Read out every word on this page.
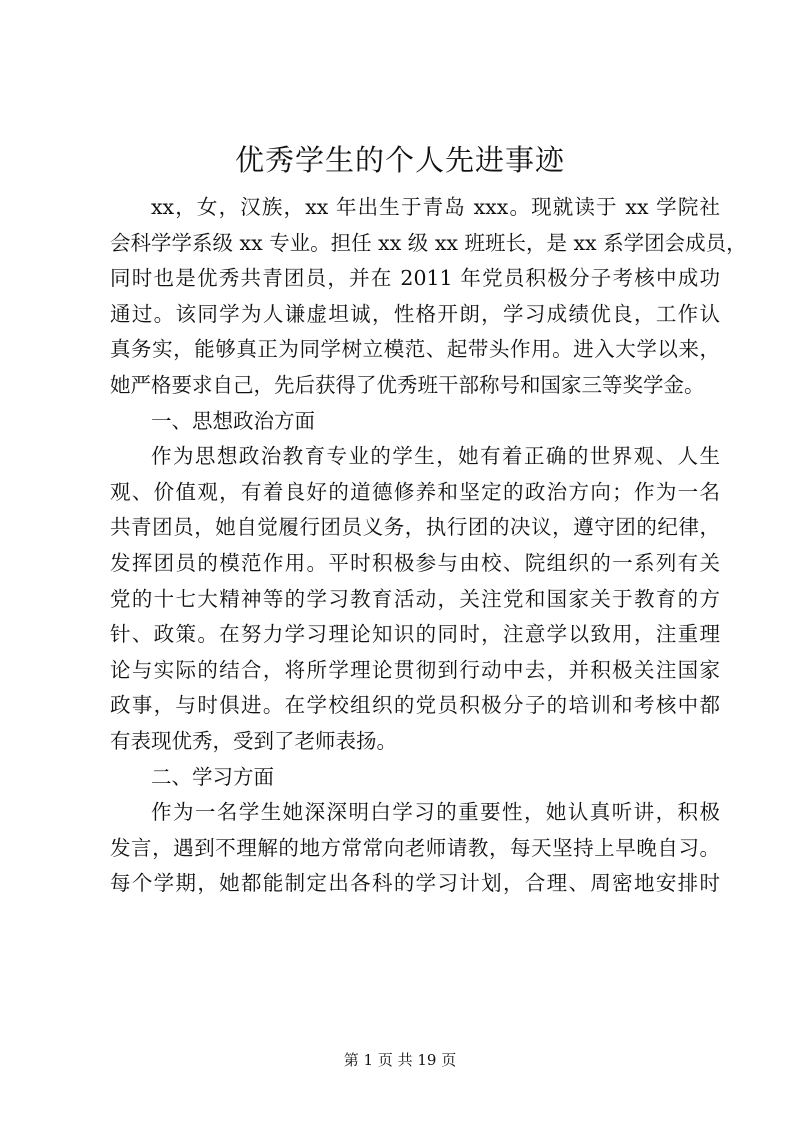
优秀学生的个人先进事迹
xx，女，汉族，xx 年出生于青岛 xxx。现就读于 xx 学院社
会科学学系级 xx 专业。担任 xx 级 xx 班班长，是 xx 系学团会成员，
同时也是优秀共青团员，并在 2011 年党员积极分子考核中成功
通过。该同学为人谦虚坦诚，性格开朗，学习成绩优良，工作认
真务实，能够真正为同学树立模范、起带头作用。进入大学以来，
她严格要求自己，先后获得了优秀班干部称号和国家三等奖学金。
一、思想政治方面
作为思想政治教育专业的学生，她有着正确的世界观、人生
观、价值观，有着良好的道德修养和坚定的政治方向；作为一名
共青团员，她自觉履行团员义务，执行团的决议，遵守团的纪律，
发挥团员的模范作用。平时积极参与由校、院组织的一系列有关
党的十七大精神等的学习教育活动，关注党和国家关于教育的方
针、政策。在努力学习理论知识的同时，注意学以致用，注重理
论与实际的结合，将所学理论贯彻到行动中去，并积极关注国家
政事，与时俱进。在学校组织的党员积极分子的培训和考核中都
有表现优秀，受到了老师表扬。
二、学习方面
作为一名学生她深深明白学习的重要性，她认真听讲，积极
发言，遇到不理解的地方常常向老师请教，每天坚持上早晚自习。
每个学期，她都能制定出各科的学习计划，合理、周密地安排时
第 1 页 共 19 页
